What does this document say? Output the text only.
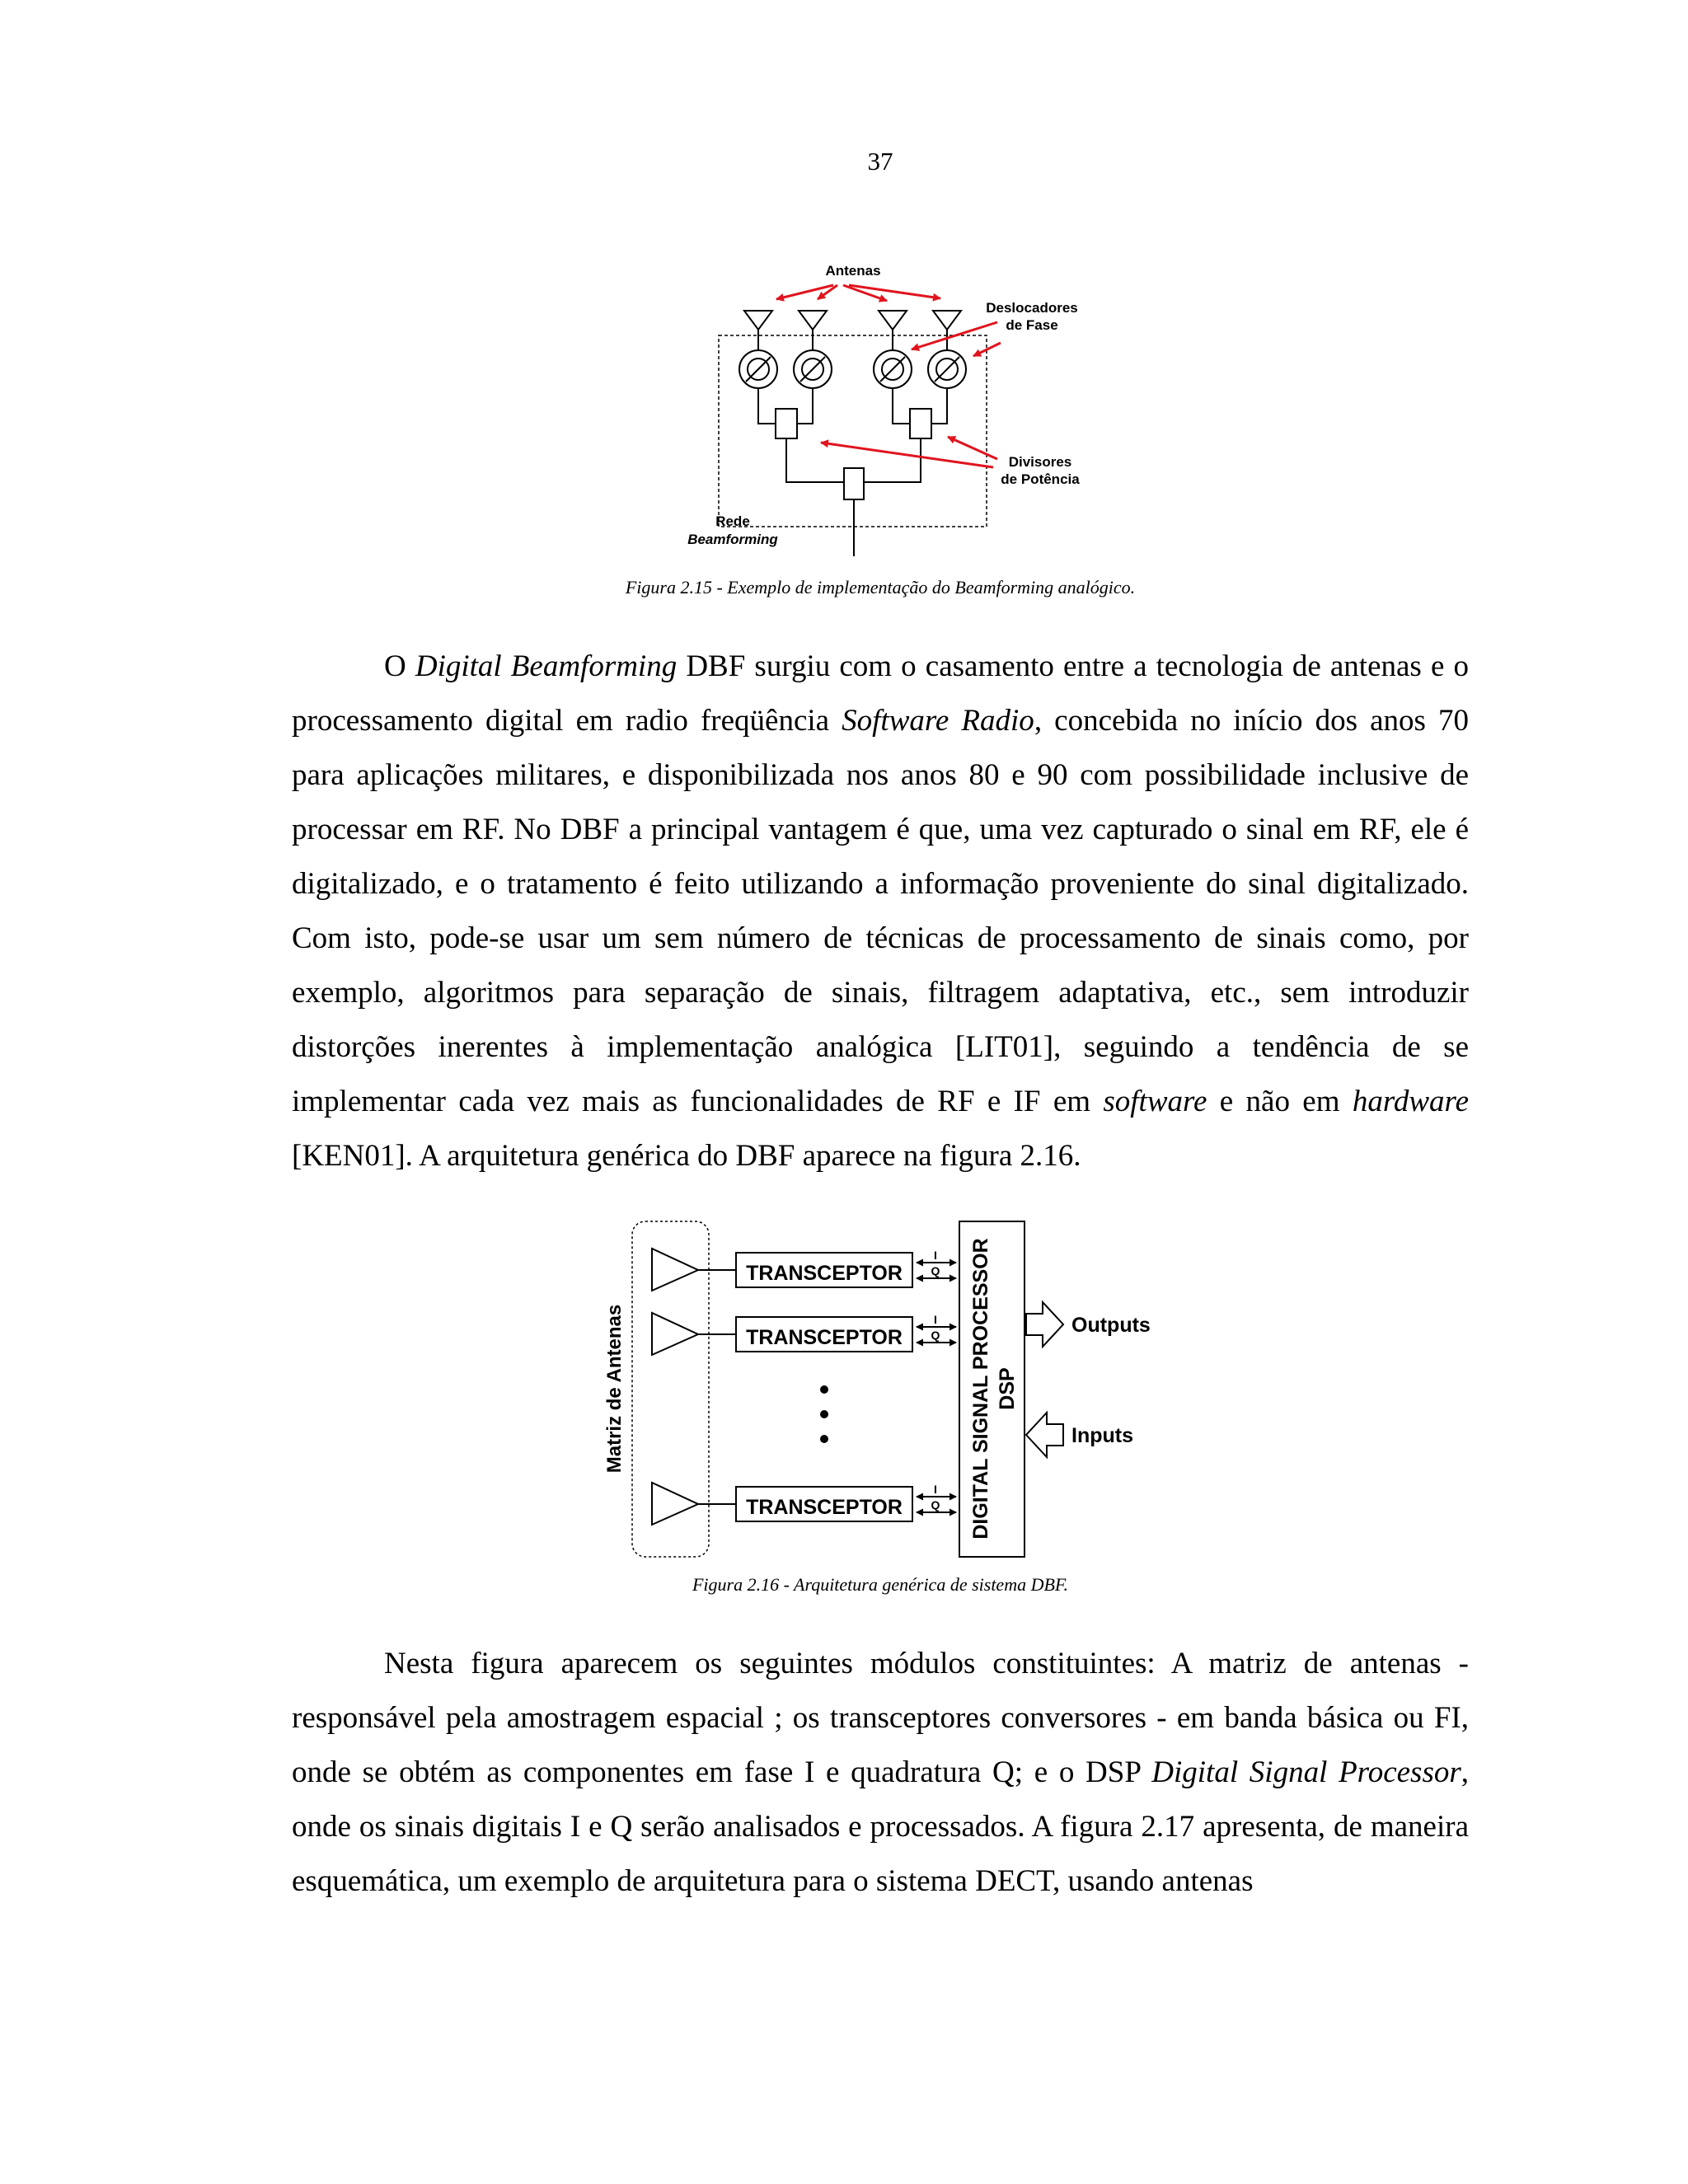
37
Antenas
Deslocadores
de Fase
Divisores
de Potência
Rede
Beamforming
Figura 2.15 - Exemplo de implementação do Beamforming analógico.

O Digital Beamforming DBF surgiu com o casamento entre a tecnologia de antenas e o processamento digital em radio freqüência Software Radio, concebida no início dos anos 70 para aplicações militares, e disponibilizada nos anos 80 e 90 com possibilidade inclusive de processar em RF. No DBF a principal vantagem é que, uma vez capturado o sinal em RF, ele é digitalizado, e o tratamento é feito utilizando a informação proveniente do sinal digitalizado. Com isto, pode-se usar um sem número de técnicas de processamento de sinais como, por exemplo, algoritmos para separação de sinais, filtragem adaptativa, etc., sem introduzir distorções inerentes à implementação analógica [LIT01], seguindo a tendência de se implementar cada vez mais as funcionalidades de RF e IF em software e não em hardware [KEN01]. A arquitetura genérica do DBF aparece na figura 2.16.

TRANSCEPTOR
TRANSCEPTOR
TRANSCEPTOR
I
Q
I
Q
I
Q DIGITAL SIGNAL PROCESSOR DSP
Matriz de Antenas	Outputs
Inputs
Figura 2.16 - Arquitetura genérica de sistema DBF.

Nesta figura aparecem os seguintes módulos constituintes: A matriz de antenas - responsável pela amostragem espacial ; os transceptores conversores - em banda básica ou FI, onde se obtém as componentes em fase I e quadratura Q; e o DSP Digital Signal Processor, onde os sinais digitais I e Q serão analisados e processados. A figura 2.17 apresenta, de maneira esquemática, um exemplo de arquitetura para o sistema DECT, usando antenas
